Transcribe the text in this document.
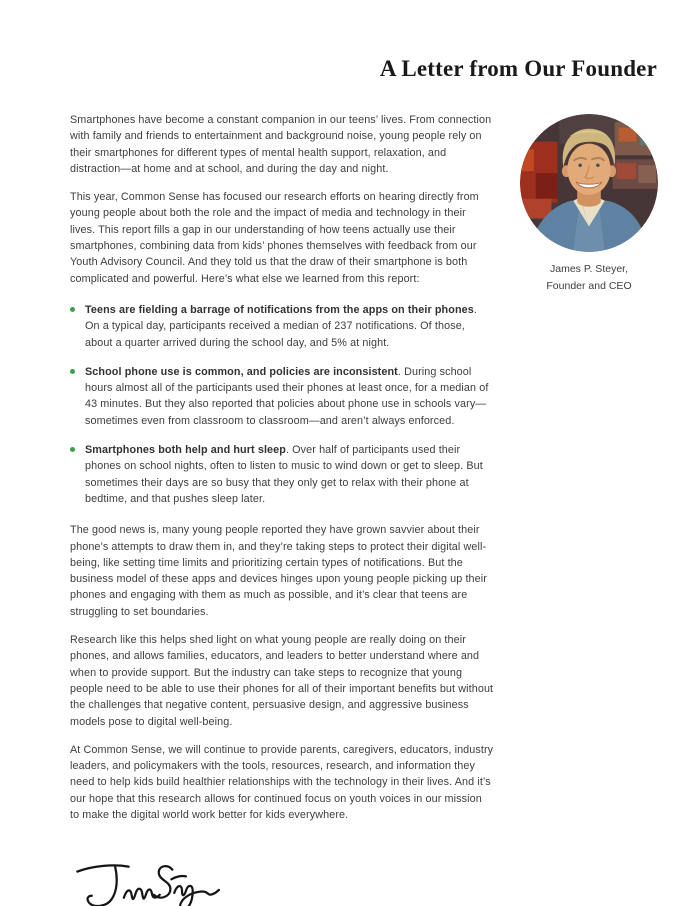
A Letter from Our Founder

Smartphones have become a constant companion in our teens’ lives. From connection with family and friends to entertainment and background noise, young people rely on their smartphones for different types of mental health support, relaxation, and distraction—at home and at school, and during the day and night.

This year, Common Sense has focused our research efforts on hearing directly from young people about both the role and the impact of media and technology in their lives. This report fills a gap in our understanding of how teens actually use their smartphones, combining data from kids’ phones themselves with feedback from our Youth Advisory Council. And they told us that the draw of their smartphone is both complicated and powerful. Here’s what else we learned from this report:

Teens are fielding a barrage of notifications from the apps on their phones. On a typical day, participants received a median of 237 notifications. Of those, about a quarter arrived during the school day, and 5% at night.
School phone use is common, and policies are inconsistent. During school hours almost all of the participants used their phones at least once, for a median of 43 minutes. But they also reported that policies about phone use in schools vary—sometimes even from classroom to classroom—and aren’t always enforced.
Smartphones both help and hurt sleep. Over half of participants used their phones on school nights, often to listen to music to wind down or get to sleep. But sometimes their days are so busy that they only get to relax with their phone at bedtime, and that pushes sleep later.

The good news is, many young people reported they have grown savvier about their phone’s attempts to draw them in, and they’re taking steps to protect their digital well-being, like setting time limits and prioritizing certain types of notifications. But the business model of these apps and devices hinges upon young people picking up their phones and engaging with them as much as possible, and it’s clear that teens are struggling to set boundaries.

Research like this helps shed light on what young people are really doing on their phones, and allows families, educators, and leaders to better understand where and when to provide support. But the industry can take steps to recognize that young people need to be able to use their phones for all of their important benefits but without the challenges that negative content, persuasive design, and aggressive business models pose to digital well-being.

At Common Sense, we will continue to provide parents, caregivers, educators, industry leaders, and policymakers with the tools, resources, research, and information they need to help kids build healthier relationships with the technology in their lives. And it’s our hope that this research allows for continued focus on youth voices in our mission to make the digital world work better for kids everywhere.

James P. Steyer,
Founder and CEO
